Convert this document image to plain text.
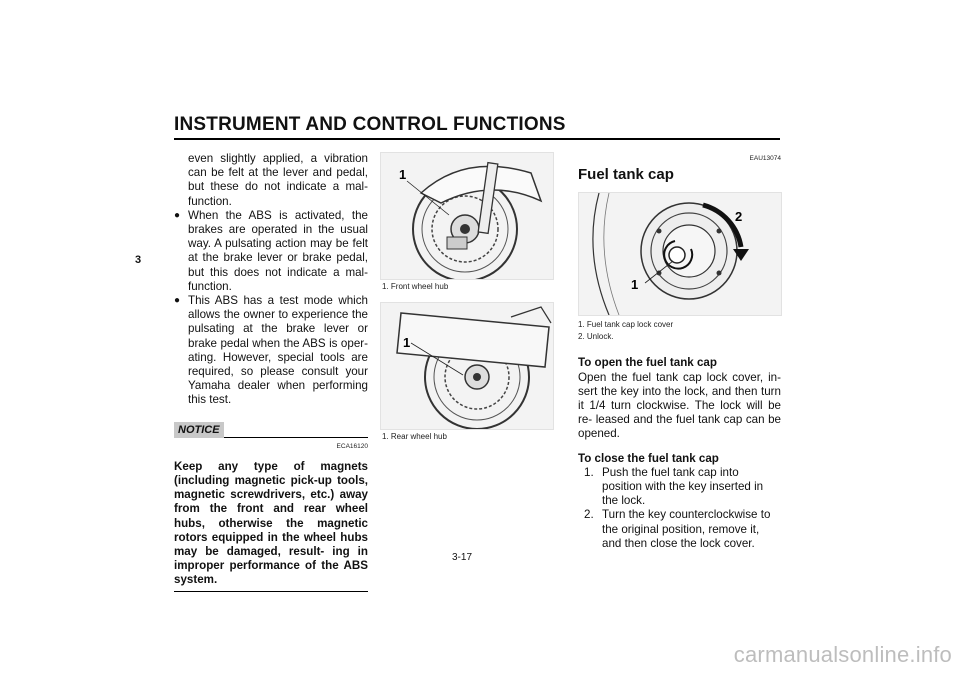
INSTRUMENT AND CONTROL FUNCTIONS
3

even slightly applied, a vibration can be felt at the lever and pedal, but these do not indicate a mal- function.

● When the ABS is activated, the brakes are operated in the usual way. A pulsating action may be felt at the brake lever or brake pedal, but this does not indicate a mal- function.

● This ABS has a test mode which allows the owner to experience the pulsating at the brake lever or brake pedal when the ABS is oper- ating. However, special tools are required, so please consult your Yamaha dealer when performing this test.

NOTICE
ECA16120

Keep any type of magnets (including magnetic pick-up tools, magnetic screwdrivers, etc.) away from the front and rear wheel hubs, otherwise the magnetic rotors equipped in the wheel hubs may be damaged, result- ing in improper performance of the ABS system.

1
1. Front wheel hub
1
1. Rear wheel hub
EAU13074
Fuel tank cap
2
1
1. Fuel tank cap lock cover
2. Unlock.

To open the fuel tank cap

Open the fuel tank cap lock cover, in- sert the key into the lock, and then turn it 1/4 turn clockwise. The lock will be re- leased and the fuel tank cap can be opened.

To close the fuel tank cap

1. Push the fuel tank cap into position with the key inserted in the lock.

2. Turn the key counterclockwise to the original position, remove it, and then close the lock cover.

3-17
carmanualsonline.info
